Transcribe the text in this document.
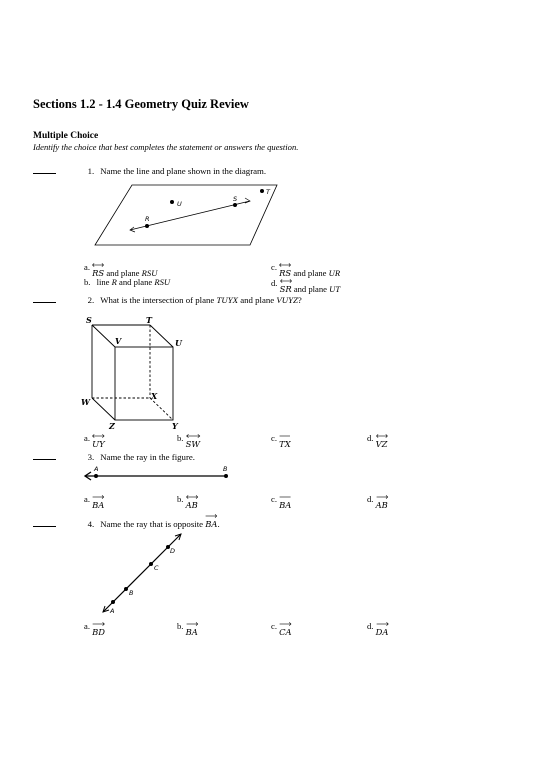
Sections 1.2 - 1.4 Geometry Quiz Review
Multiple Choice
Identify the choice that best completes the statement or answers the question.
1. Name the line and plane shown in the diagram.
T
U
S
R
a.
RS and plane RSU
b. line R and plane RSU
c.
RS and plane UR
d.
SR and plane UT
2. What is the intersection of plane TUYX and plane VUYZ?
S	T
V	U
W
X
Z	Y
a.
UY
b.
SW
c.
TX
d.
VZ
3. Name the ray in the figure.
A	B
a.
BA
b.
AB
c.
BA
d.
AB
4. Name the ray that is opposite
BA.
D
C
B
A
a.
BD
b.
BA
c.
CA
d.
DA
